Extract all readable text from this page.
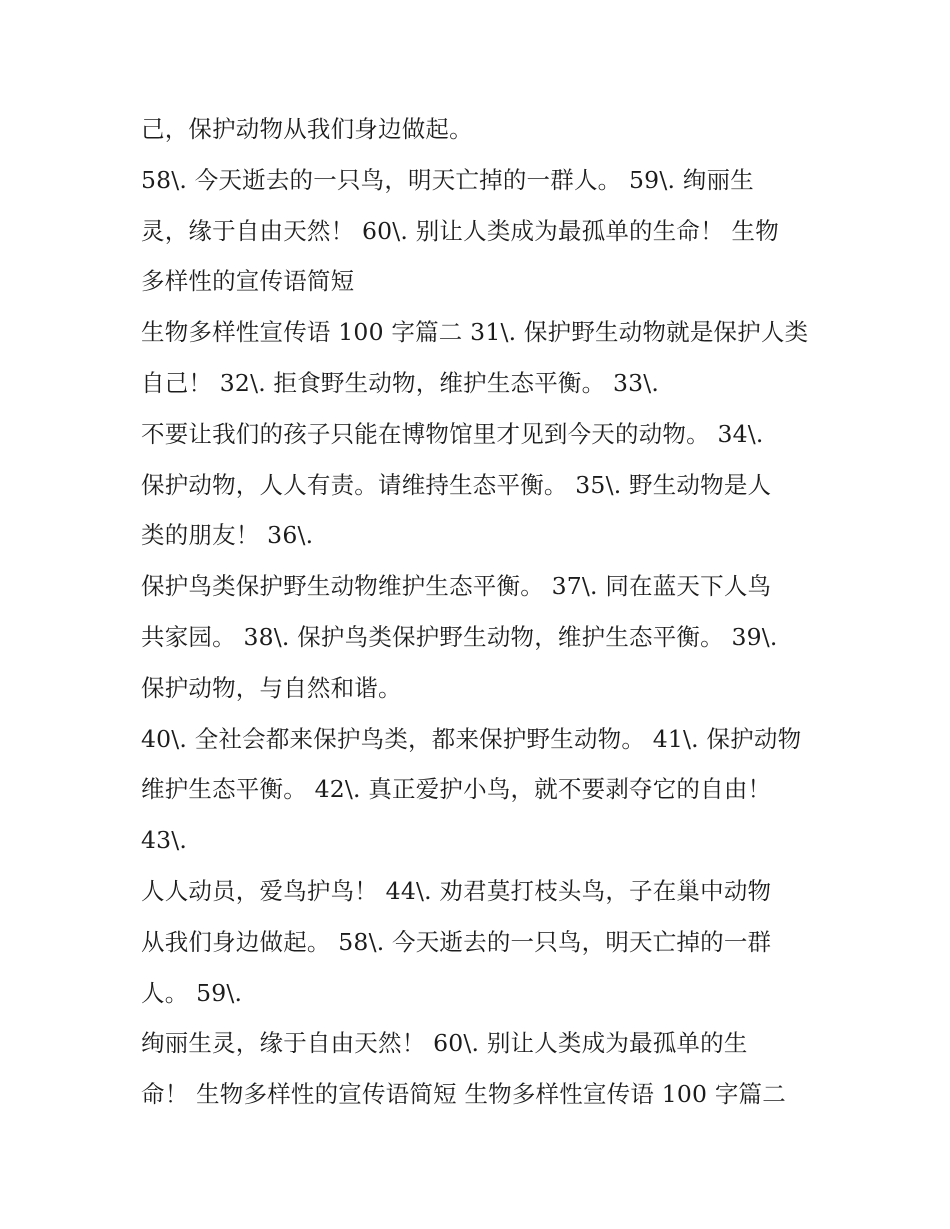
己，保护动物从我们身边做起。
58\. 今天逝去的一只鸟，明天亡掉的一群人。 59\. 绚丽生
灵，缘于自由天然！ 60\. 别让人类成为最孤单的生命！ 生物
多样性的宣传语简短
生物多样性宣传语 100 字篇二 31\. 保护野生动物就是保护人类
自己！ 32\. 拒食野生动物，维护生态平衡。 33\.
不要让我们的孩子只能在博物馆里才见到今天的动物。 34\.
保护动物，人人有责。请维持生态平衡。 35\. 野生动物是人
类的朋友！ 36\.
保护鸟类保护野生动物维护生态平衡。 37\. 同在蓝天下人鸟
共家园。 38\. 保护鸟类保护野生动物，维护生态平衡。 39\.
保护动物，与自然和谐。
40\. 全社会都来保护鸟类，都来保护野生动物。 41\. 保护动物
维护生态平衡。 42\. 真正爱护小鸟，就不要剥夺它的自由！
43\.
人人动员，爱鸟护鸟！ 44\. 劝君莫打枝头鸟，子在巢中动物
从我们身边做起。 58\. 今天逝去的一只鸟，明天亡掉的一群
人。 59\.
绚丽生灵，缘于自由天然！ 60\. 别让人类成为最孤单的生
命！ 生物多样性的宣传语简短 生物多样性宣传语 100 字篇二
